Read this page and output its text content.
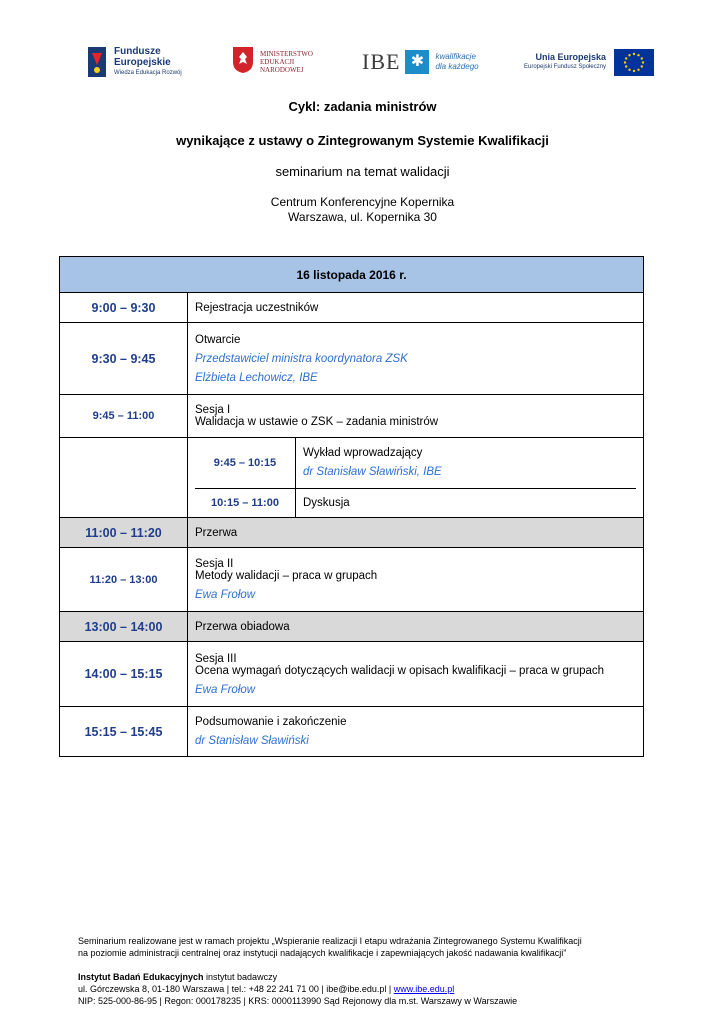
Fundusze
Europejskie
Wiedza Edukacja Rozwój
MINISTERSTWO
EDUKACJI
NARODOWEJ	IBE ✱	kwalifikacje
dla każdego
Unia Europejska
Europejski Fundusz Społeczny
Cykl: zadania ministrów
wynikające z ustawy o Zintegrowanym Systemie Kwalifikacji
seminarium na temat walidacji
Centrum Konferencyjne Kopernika
Warszawa, ul. Kopernika 30
16 listopada 2016 r.
9:00 – 9:30	Rejestracja uczestników
9:30 – 9:45	
Otwarcie
Przedstawiciel ministra koordynatora ZSK
Elżbieta Lechowicz, IBE

9:45 – 11:00	Sesja I
Walidacja w ustawie o ZSK – zadania ministrów

9:45 – 10:15	
Wykład wprowadzający
dr Stanisław Sławiński, IBE

10:15 – 11:00	Dyskusja

11:00 – 11:20	Przerwa
11:20 – 13:00	
Sesja II
Metody walidacji – praca w grupach
Ewa Frołow

13:00 – 14:00	Przerwa obiadowa
14:00 – 15:15	
Sesja III
Ocena wymagań dotyczących walidacji w opisach kwalifikacji – praca w grupach
Ewa Frołow

15:15 – 15:45	
Podsumowanie i zakończenie
dr Stanisław Sławiński
Seminarium realizowane jest w ramach projektu „Wspieranie realizacji I etapu wdrażania Zintegrowanego Systemu Kwalifikacji
na poziomie administracji centralnej oraz instytucji nadających kwalifikacje i zapewniających jakość nadawania kwalifikacji”
Instytut Badań Edukacyjnych instytut badawczy
ul. Górczewska 8, 01-180 Warszawa | tel.: +48 22 241 71 00 | ibe@ibe.edu.pl | www.ibe.edu.pl
NIP: 525-000-86-95 | Regon: 000178235 | KRS: 0000113990 Sąd Rejonowy dla m.st. Warszawy w Warszawie
